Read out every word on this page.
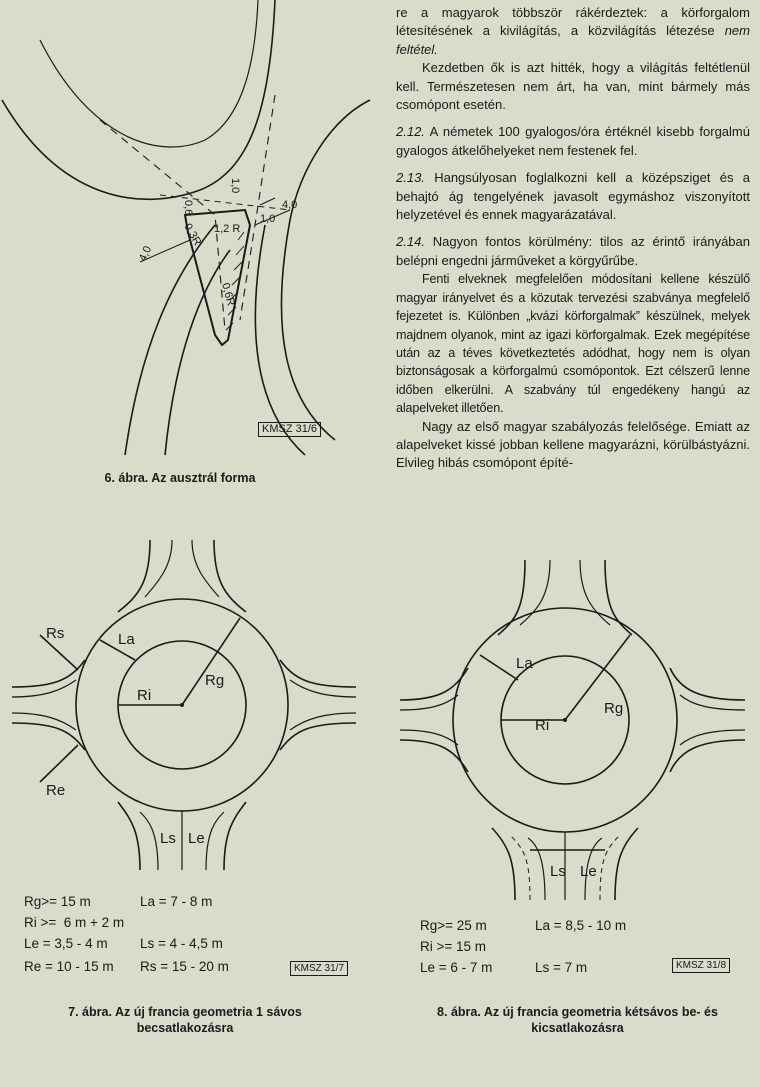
0,6
1,0
4,0
1,0
1,2 R
0,3R
4,0
0,6R
KMSZ 31/6
6. ábra. Az ausztrál forma

re a magyarok többször rákérdeztek: a körforgalom létesítésének a kivilágítás, a közvilágítás létezése nem feltétel.

Kezdetben ők is azt hitték, hogy a világítás feltétlenül kell. Természetesen nem árt, ha van, mint bármely más csomópont esetén.

2.12. A németek 100 gyalogos/óra értéknél kisebb forgalmú gyalogos átkelőhelyeket nem festenek fel.

2.13. Hangsúlyosan foglalkozni kell a középsziget és a behajtó ág tengelyének javasolt egymáshoz viszonyított helyzetével és ennek magyarázatával.

2.14. Nagyon fontos körülmény: tilos az érintő irányában belépni engedni járműveket a körgyűrűbe.

Fenti elveknek megfelelően módosítani kellene készülő magyar irányelvet és a közutak tervezési szabványa megfelelő fejezetet is. Különben „kvázi körforgalmak” készülnek, melyek majdnem olyanok, mint az igazi körforgalmak. Ezek megépítése után az a téves következtetés adódhat, hogy nem is olyan biztonságosak a körforgalmú csomópontok. Ezt célszerű lenne időben elkerülni. A szabvány túl engedékeny hangú az alapelveket illetően.

Nagy az első magyar szabályozás felelősége. Emiatt az alapelveket kissé jobban kellene magyarázni, körülbástyázni. Elvileg hibás csomópont építé-

Rs	La
Rg
Ri
Re
Ls Le
Rg>= 15 m	La = 7 - 8 m
Ri >=  6 m + 2 m
Le = 3,5 - 4 m Ls = 4 - 4,5 m
Re = 10 - 15 m Rs = 15 - 20 m	KMSZ 31/7
7. ábra. Az új francia geometria 1 sávos becsatlakozásra
La
Rg
Ri
Ls Le
Rg>= 25 m	La = 8,5 - 10 m
Ri >= 15 m
Le = 6 - 7 m	Ls = 7 m	KMSZ 31/8
8. ábra. Az új francia geometria kétsávos be- és kicsatlakozásra
